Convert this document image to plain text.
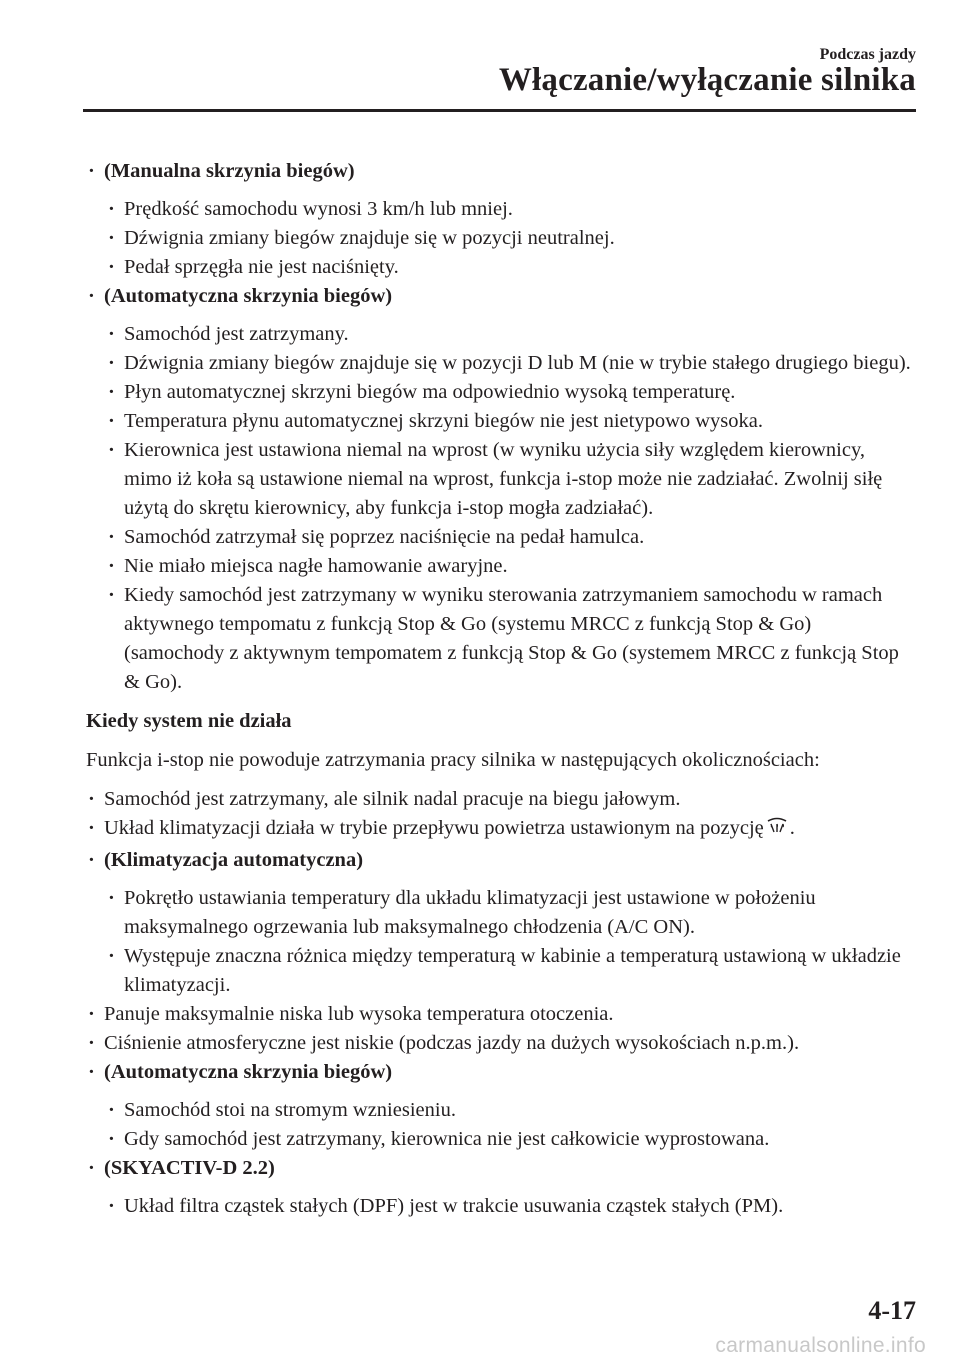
Podczas jazdy
Włączanie/wyłączanie silnika
· (Manualna skrzynia biegów)
· Prędkość samochodu wynosi 3 km/h lub mniej.
· Dźwignia zmiany biegów znajduje się w pozycji neutralnej.
· Pedał sprzęgła nie jest naciśnięty.
· (Automatyczna skrzynia biegów)
· Samochód jest zatrzymany.
· Dźwignia zmiany biegów znajduje się w pozycji D lub M (nie w trybie stałego drugiego biegu).
· Płyn automatycznej skrzyni biegów ma odpowiednio wysoką temperaturę.
· Temperatura płynu automatycznej skrzyni biegów nie jest nietypowo wysoka.
· Kierownica jest ustawiona niemal na wprost (w wyniku użycia siły względem kierownicy, mimo iż koła są ustawione niemal na wprost, funkcja i-stop może nie zadziałać. Zwolnij siłę użytą do skrętu kierownicy, aby funkcja i-stop mogła zadziałać).
· Samochód zatrzymał się poprzez naciśnięcie na pedał hamulca.
· Nie miało miejsca nagłe hamowanie awaryjne.
· Kiedy samochód jest zatrzymany w wyniku sterowania zatrzymaniem samochodu w ramach aktywnego tempomatu z funkcją Stop & Go (systemu MRCC z funkcją Stop & Go) (samochody z aktywnym tempomatem z funkcją Stop & Go (systemem MRCC z funkcją Stop & Go).
Kiedy system nie działa
Funkcja i-stop nie powoduje zatrzymania pracy silnika w następujących okolicznościach:
· Samochód jest zatrzymany, ale silnik nadal pracuje na biegu jałowym.
· Układ klimatyzacji działa w trybie przepływu powietrza ustawionym na pozycję .
· (Klimatyzacja automatyczna)
· Pokrętło ustawiania temperatury dla układu klimatyzacji jest ustawione w położeniu maksymalnego ogrzewania lub maksymalnego chłodzenia (A/C ON).
· Występuje znaczna różnica między temperaturą w kabinie a temperaturą ustawioną w układzie klimatyzacji.
· Panuje maksymalnie niska lub wysoka temperatura otoczenia.
· Ciśnienie atmosferyczne jest niskie (podczas jazdy na dużych wysokościach n.p.m.).
· (Automatyczna skrzynia biegów)
· Samochód stoi na stromym wzniesieniu.
· Gdy samochód jest zatrzymany, kierownica nie jest całkowicie wyprostowana.
· (SKYACTIV-D 2.2)
· Układ filtra cząstek stałych (DPF) jest w trakcie usuwania cząstek stałych (PM).
4-17
carmanualsonline.info
